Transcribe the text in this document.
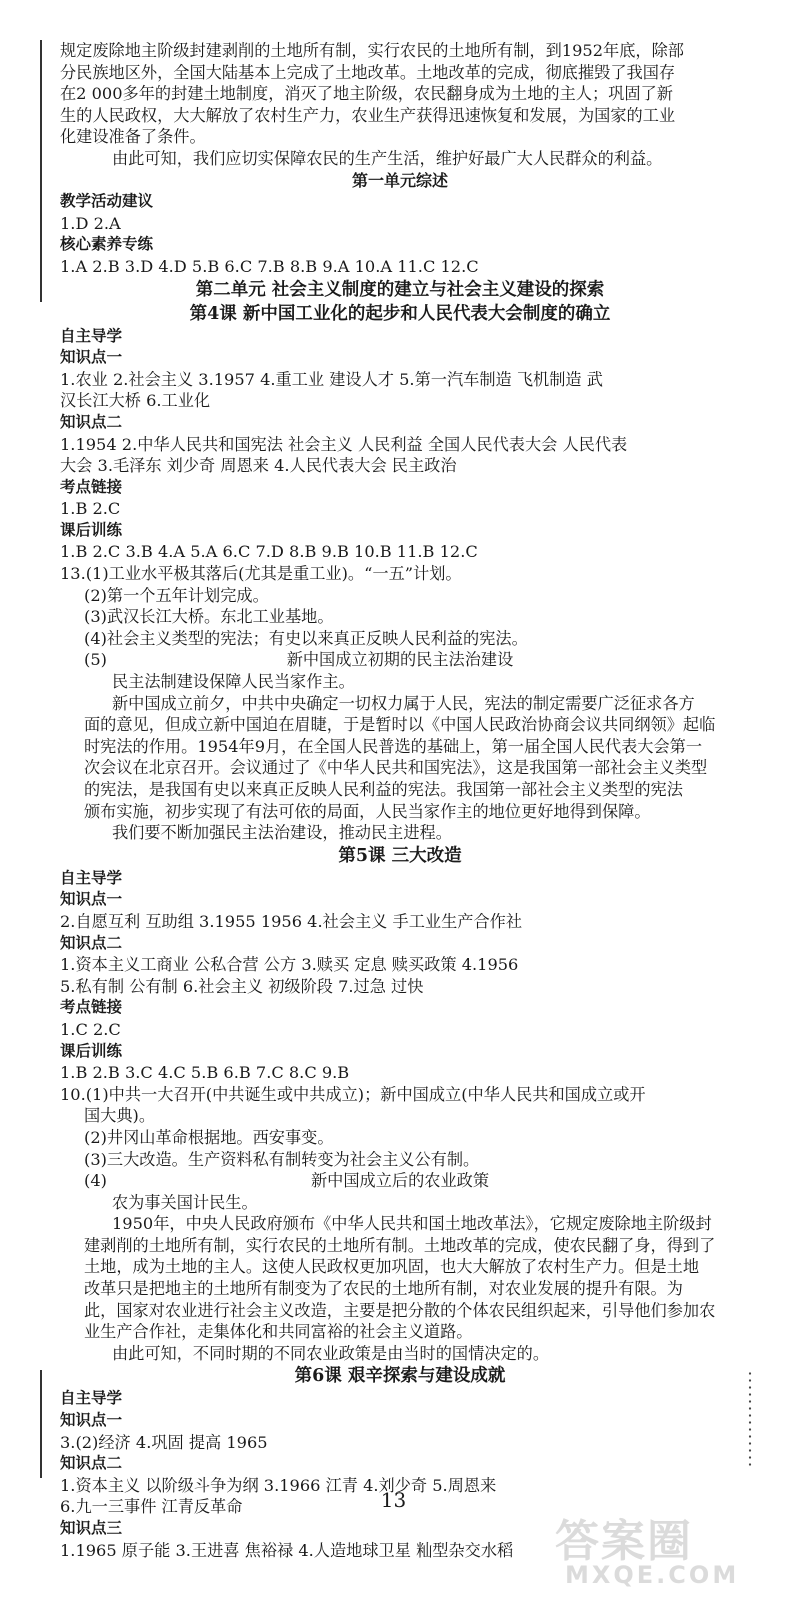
规定废除地主阶级封建剥削的土地所有制，实行农民的土地所有制，到1952年底，除部
分民族地区外，全国大陆基本上完成了土地改革。土地改革的完成，彻底摧毁了我国存
在2 000多年的封建土地制度，消灭了地主阶级，农民翻身成为土地的主人；巩固了新
生的人民政权，大大解放了农村生产力，农业生产获得迅速恢复和发展，为国家的工业
化建设准备了条件。
由此可知，我们应切实保障农民的生产生活，维护好最广大人民群众的利益。
第一单元综述
教学活动建议
1.D 2.A
核心素养专练
1.A 2.B 3.D 4.D 5.B 6.C 7.B 8.B 9.A 10.A 11.C 12.C
第二单元 社会主义制度的建立与社会主义建设的探索
第4课 新中国工业化的起步和人民代表大会制度的确立
自主导学
知识点一
1.农业 2.社会主义 3.1957 4.重工业 建设人才 5.第一汽车制造 飞机制造 武
汉长江大桥 6.工业化
知识点二
1.1954 2.中华人民共和国宪法 社会主义 人民利益 全国人民代表大会 人民代表
大会 3.毛泽东 刘少奇 周恩来 4.人民代表大会 民主政治
考点链接
1.B 2.C
课后训练
1.B 2.C 3.B 4.A 5.A 6.C 7.D 8.B 9.B 10.B 11.B 12.C
13.(1)工业水平极其落后(尤其是重工业)。“一五”计划。
(2)第一个五年计划完成。
(3)武汉长江大桥。东北工业基地。
(4)社会主义类型的宪法；有史以来真正反映人民利益的宪法。
(5)	新中国成立初期的民主法治建设
民主法制建设保障人民当家作主。
新中国成立前夕，中共中央确定一切权力属于人民，宪法的制定需要广泛征求各方
面的意见，但成立新中国迫在眉睫，于是暂时以《中国人民政治协商会议共同纲领》起临
时宪法的作用。1954年9月，在全国人民普选的基础上，第一届全国人民代表大会第一
次会议在北京召开。会议通过了《中华人民共和国宪法》，这是我国第一部社会主义类型
的宪法，是我国有史以来真正反映人民利益的宪法。我国第一部社会主义类型的宪法
颁布实施，初步实现了有法可依的局面，人民当家作主的地位更好地得到保障。
我们要不断加强民主法治建设，推动民主进程。
第5课 三大改造
自主导学
知识点一
2.自愿互利 互助组 3.1955 1956 4.社会主义 手工业生产合作社
知识点二
1.资本主义工商业 公私合营 公方 3.赎买 定息 赎买政策 4.1956
5.私有制 公有制 6.社会主义 初级阶段 7.过急 过快
考点链接
1.C 2.C
课后训练
1.B 2.B 3.C 4.C 5.B 6.B 7.C 8.C 9.B
10.(1)中共一大召开(中共诞生或中共成立)；新中国成立(中华人民共和国成立或开
国大典)。
(2)井冈山革命根据地。西安事变。
(3)三大改造。生产资料私有制转变为社会主义公有制。
(4)	新中国成立后的农业政策
农为事关国计民生。
1950年，中央人民政府颁布《中华人民共和国土地改革法》，它规定废除地主阶级封
建剥削的土地所有制，实行农民的土地所有制。土地改革的完成，使农民翻了身，得到了
土地，成为土地的主人。这使人民政权更加巩固，也大大解放了农村生产力。但是土地
改革只是把地主的土地所有制变为了农民的土地所有制，对农业发展的提升有限。为
此，国家对农业进行社会主义改造，主要是把分散的个体农民组织起来，引导他们参加农
业生产合作社，走集体化和共同富裕的社会主义道路。
由此可知，不同时期的不同农业政策是由当时的国情决定的。
第6课 艰辛探索与建设成就
自主导学
知识点一
3.(2)经济 4.巩固 提高 1965
知识点二
1.资本主义 以阶级斗争为纲 3.1966 江青 4.刘少奇 5.周恩来
6.九一三事件 江青反革命
知识点三
1.1965 原子能 3.王进喜 焦裕禄 4.人造地球卫星 籼型杂交水稻
13
答案圈
MXQE.COM
